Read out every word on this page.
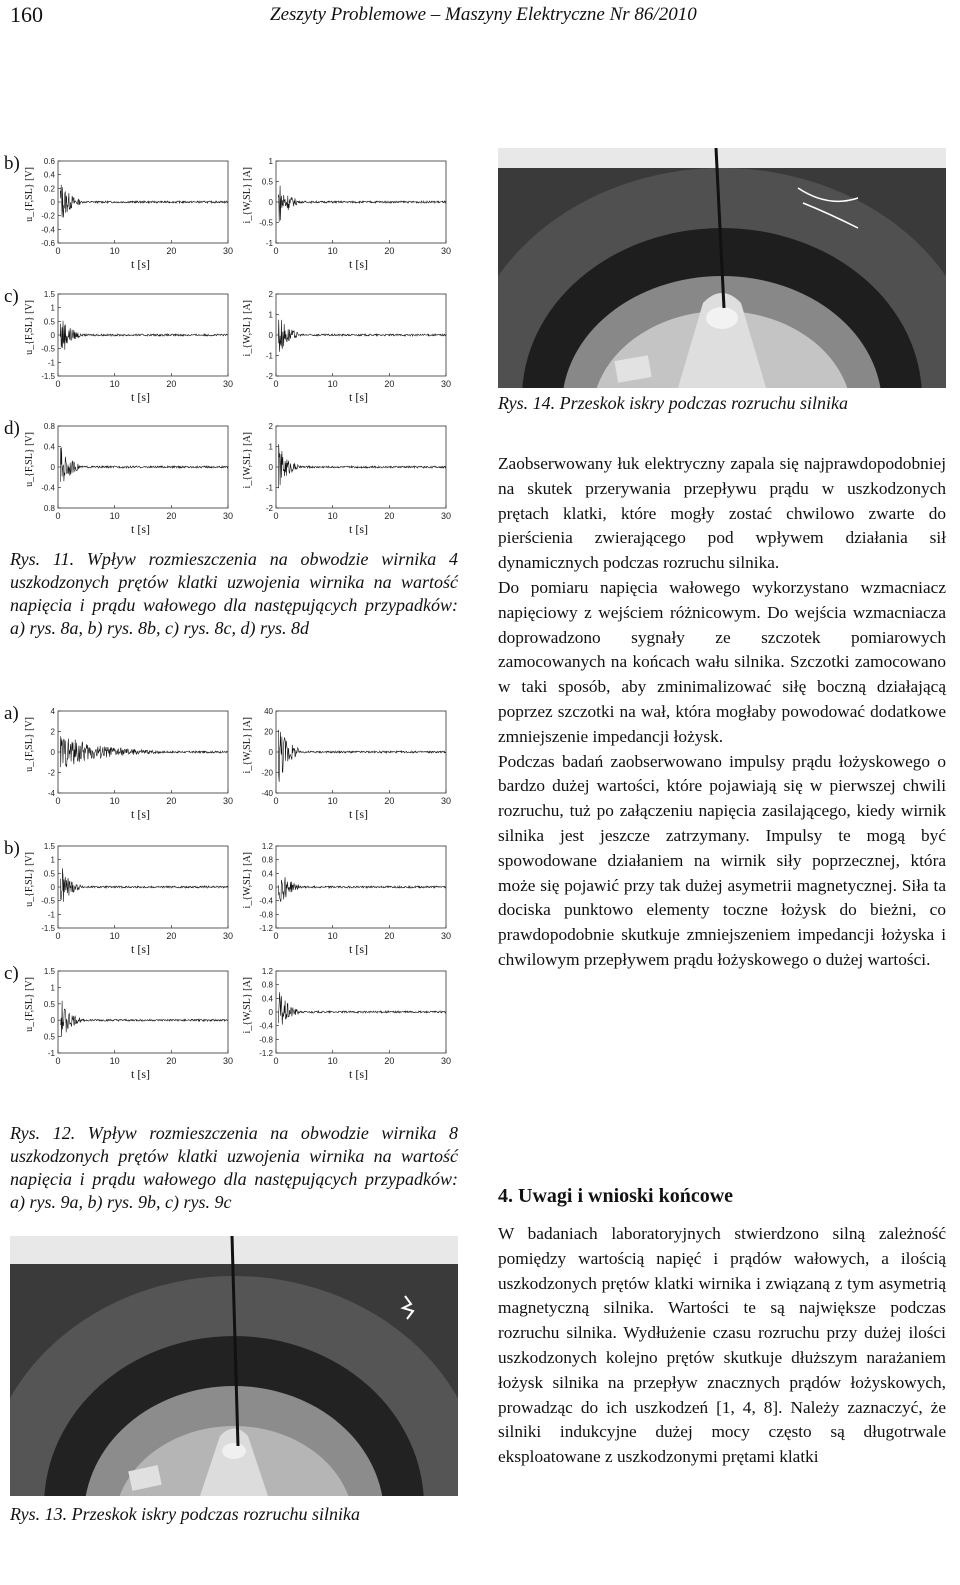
160	Zeszyty Problemowe – Maszyny Elektryczne Nr 86/2010
b)
u_{F,SL} [V]
0.6
0.4
0.2
0
-0.2
-0.4
-0.6
0	10	20	30
t [s]
i_{W,SL} [A]
1
0.5
0
-0.5
-1
0	10	20	30
t [s]
c)
u_{F,SL} [V]
1.5
1
0.5
0
-0.5
-1
-1.5
0	10	20	30
t [s]
i_{W,SL} [A]
2
1
0
-1
-2
0	10	20	30
t [s]
d)
u_{F,SL} [V]
0.8
0.4
0
-0.4
0.8
0	10	20	30
t [s]
i_{W,SL} [A]
2
1
0
-1
-2
0	10	20	30
t [s]
a)
u_{F,SL} [V]
4
2
0
-2
-4
0	10	20	30
t [s]
i_{W,SL} [A]
40
20
0
-20
-40
0	10	20	30
t [s]
b)
u_{F,SL} [V]
1.5
1
0.5
0
-0.5
-1
-1.5
0	10	20	30
t [s]
i_{W,SL} [A]
1.2
0.8
0.4
0
-0.4
-0.8
-1.2
0	10	20	30
t [s]
c)
u_{F,SL} [V]
1.5
1
0.5
0
0.5
-1
0	10	20	30
t [s]
i_{W,SL} [A]
1.2
0.8
0.4
0
-0.4
-0.8
-1.2
0	10	20	30
t [s]
Rys. 11. Wpływ rozmieszczenia na obwodzie wirnika 4 uszkodzonych prętów klatki uzwojenia wirnika na wartość napięcia i prądu wałowego dla następujących przypadków: a) rys. 8a, b) rys. 8b, c) rys. 8c, d) rys. 8d
Rys. 12. Wpływ rozmieszczenia na obwodzie wirnika 8 uszkodzonych prętów klatki uzwojenia wirnika na wartość napięcia i prądu wałowego dla następujących przypadków: a) rys. 9a, b) rys. 9b, c) rys. 9c
Rys. 13. Przeskok iskry podczas rozruchu silnika
Rys. 14. Przeskok iskry podczas rozruchu silnika

Zaobserwowany łuk elektryczny zapala się najprawdopodobniej na skutek przerywania przepływu prądu w uszkodzonych prętach klatki, które mogły zostać chwilowo zwarte do pierścienia zwierającego pod wpływem działania sił dynamicznych podczas rozruchu silnika.

Do pomiaru napięcia wałowego wykorzystano wzmacniacz napięciowy z wejściem różnicowym. Do wejścia wzmacniacza doprowadzono sygnały ze szczotek pomiarowych zamocowanych na końcach wału silnika. Szczotki zamocowano w taki sposób, aby zminimalizować siłę boczną działającą poprzez szczotki na wał, która mogłaby powodować dodatkowe zmniejszenie impedancji łożysk.

Podczas badań zaobserwowano impulsy prądu łożyskowego o bardzo dużej wartości, które pojawiają się w pierwszej chwili rozruchu, tuż po załączeniu napięcia zasilającego, kiedy wirnik silnika jest jeszcze zatrzymany. Impulsy te mogą być spowodowane działaniem na wirnik siły poprzecznej, która może się pojawić przy tak dużej asymetrii magnetycznej. Siła ta dociska punktowo elementy toczne łożysk do bieżni, co prawdopodobnie skutkuje zmniejszeniem impedancji łożyska i chwilowym przepływem prądu łożyskowego o dużej wartości.

4. Uwagi i wnioski końcowe

W badaniach laboratoryjnych stwierdzono silną zależność pomiędzy wartością napięć i prądów wałowych, a ilością uszkodzonych prętów klatki wirnika i związaną z tym asymetrią magnetyczną silnika. Wartości te są największe podczas rozruchu silnika. Wydłużenie czasu rozruchu przy dużej ilości uszkodzonych kolejno prętów skutkuje dłuższym narażaniem łożysk silnika na przepływ znacznych prądów łożyskowych, prowadząc do ich uszkodzeń [1, 4, 8]. Należy zaznaczyć, że silniki indukcyjne dużej mocy często są długotrwale eksploatowane z uszkodzonymi prętami klatki
